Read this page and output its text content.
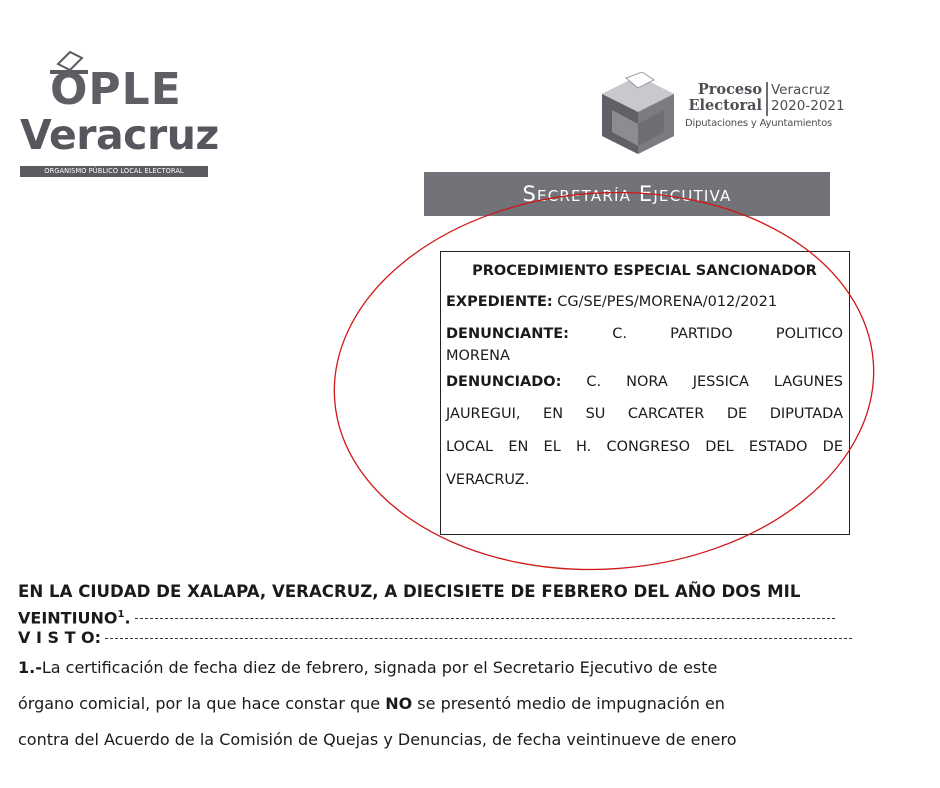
OPLE
Veracruz
ORGANISMO PÚBLICO LOCAL ELECTORAL
Proceso
Electoral
Veracruz
2020-2021
Diputaciones y Ayuntamientos
Secretaría Ejecutiva
PROCEDIMIENTO ESPECIAL SANCIONADOR
EXPEDIENTE: CG/SE/PES/MORENA/012/2021
DENUNCIANTE:	C. PARTIDO POLITICO
MORENA
DENUNCIADO: C. NORA JESSICA LAGUNES
JAUREGUI, EN SU CARCATER DE DIPUTADA
LOCAL EN EL H. CONGRESO DEL ESTADO DE
VERACRUZ.
EN LA CIUDAD DE XALAPA, VERACRUZ, A DIECISIETE DE FEBRERO DEL AÑO DOS MIL
VEINTIUNO$^1$.
V I S T O:
1.-La certificación de fecha diez de febrero, signada por el Secretario Ejecutivo de este
órgano comicial, por la que hace constar que NO se presentó medio de impugnación en
contra del Acuerdo de la Comisión de Quejas y Denuncias, de fecha veintinueve de enero
